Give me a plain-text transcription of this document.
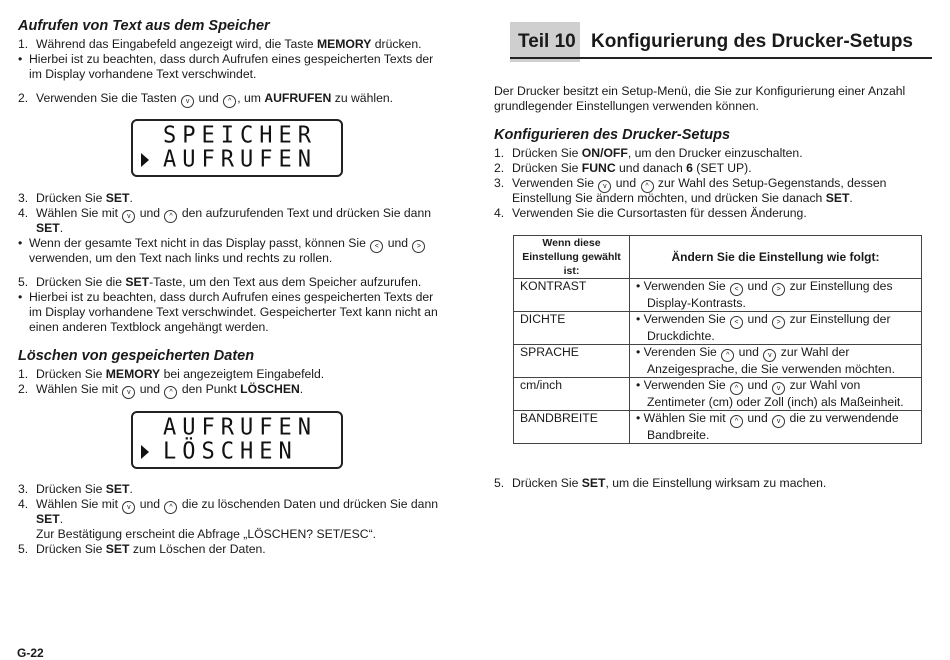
Aufrufen von Text aus dem Speicher
1. Während das Eingabefeld angezeigt wird, die Taste MEMORY drücken.
• Hierbei ist zu beachten, dass durch Aufrufen eines gespeicherten Texts der
im Display vorhandene Text verschwindet.
2. Verwenden Sie die Tasten v und ^ , um AUFRUFEN zu wählen.
SPEICHER
AUFRUFEN
3. Drücken Sie SET.
4. Wählen Sie mit v und ^ den aufzurufenden Text und drücken Sie dann
SET.
• Wenn der gesamte Text nicht in das Display passt, können Sie < und >
verwenden, um den Text nach links und rechts zu rollen.
5. Drücken Sie die SET-Taste, um den Text aus dem Speicher aufzurufen.
• Hierbei ist zu beachten, dass durch Aufrufen eines gespeicherten Texts der
im Display vorhandene Text verschwindet. Gespeicherter Text kann nicht an
einen anderen Textblock angehängt werden.
Löschen von gespeicherten Daten
1. Drücken Sie MEMORY bei angezeigtem Eingabefeld.
2. Wählen Sie mit v und ^ den Punkt LÖSCHEN.
AUFRUFEN
LÖSCHEN
3. Drücken Sie SET.
4. Wählen Sie mit v und ^ die zu löschenden Daten und drücken Sie dann
SET.
Zur Bestätigung erscheint die Abfrage „LÖSCHEN? SET/ESC“.
5. Drücken Sie SET zum Löschen der Daten.
G-22
Teil 10 Konfigurierung des Drucker-Setups
Der Drucker besitzt ein Setup-Menü, die Sie zur Konfigurierung einer Anzahl
grundlegender Einstellungen verwenden können.
Konfigurieren des Drucker-Setups
1. Drücken Sie ON/OFF, um den Drucker einzuschalten.
2. Drücken Sie FUNC und danach 6 (SET UP).
3. Verwenden Sie v und ^ zur Wahl des Setup-Gegenstands, dessen
Einstellung Sie ändern möchten, und drücken Sie danach SET.
4. Verwenden Sie die Cursortasten für dessen Änderung.
Wenn diese Einstellung gewählt ist:	Ändern Sie die Einstellung wie folgt:
KONTRAST	• Verwenden Sie < und > zur Einstellung des
Display-Kontrasts.

DICHTE	• Verwenden Sie < und > zur Einstellung der
Druckdichte.

SPRACHE	• Verenden Sie ^ und v zur Wahl der
Anzeigesprache, die Sie verwenden möchten.

cm/inch	• Verwenden Sie ^ und v zur Wahl von
Zentimeter (cm) oder Zoll (inch) als Maßeinheit.

BANDBREITE	• Wählen Sie mit ^ und v die zu verwendende
Bandbreite.
5. Drücken Sie SET, um die Einstellung wirksam zu machen.
